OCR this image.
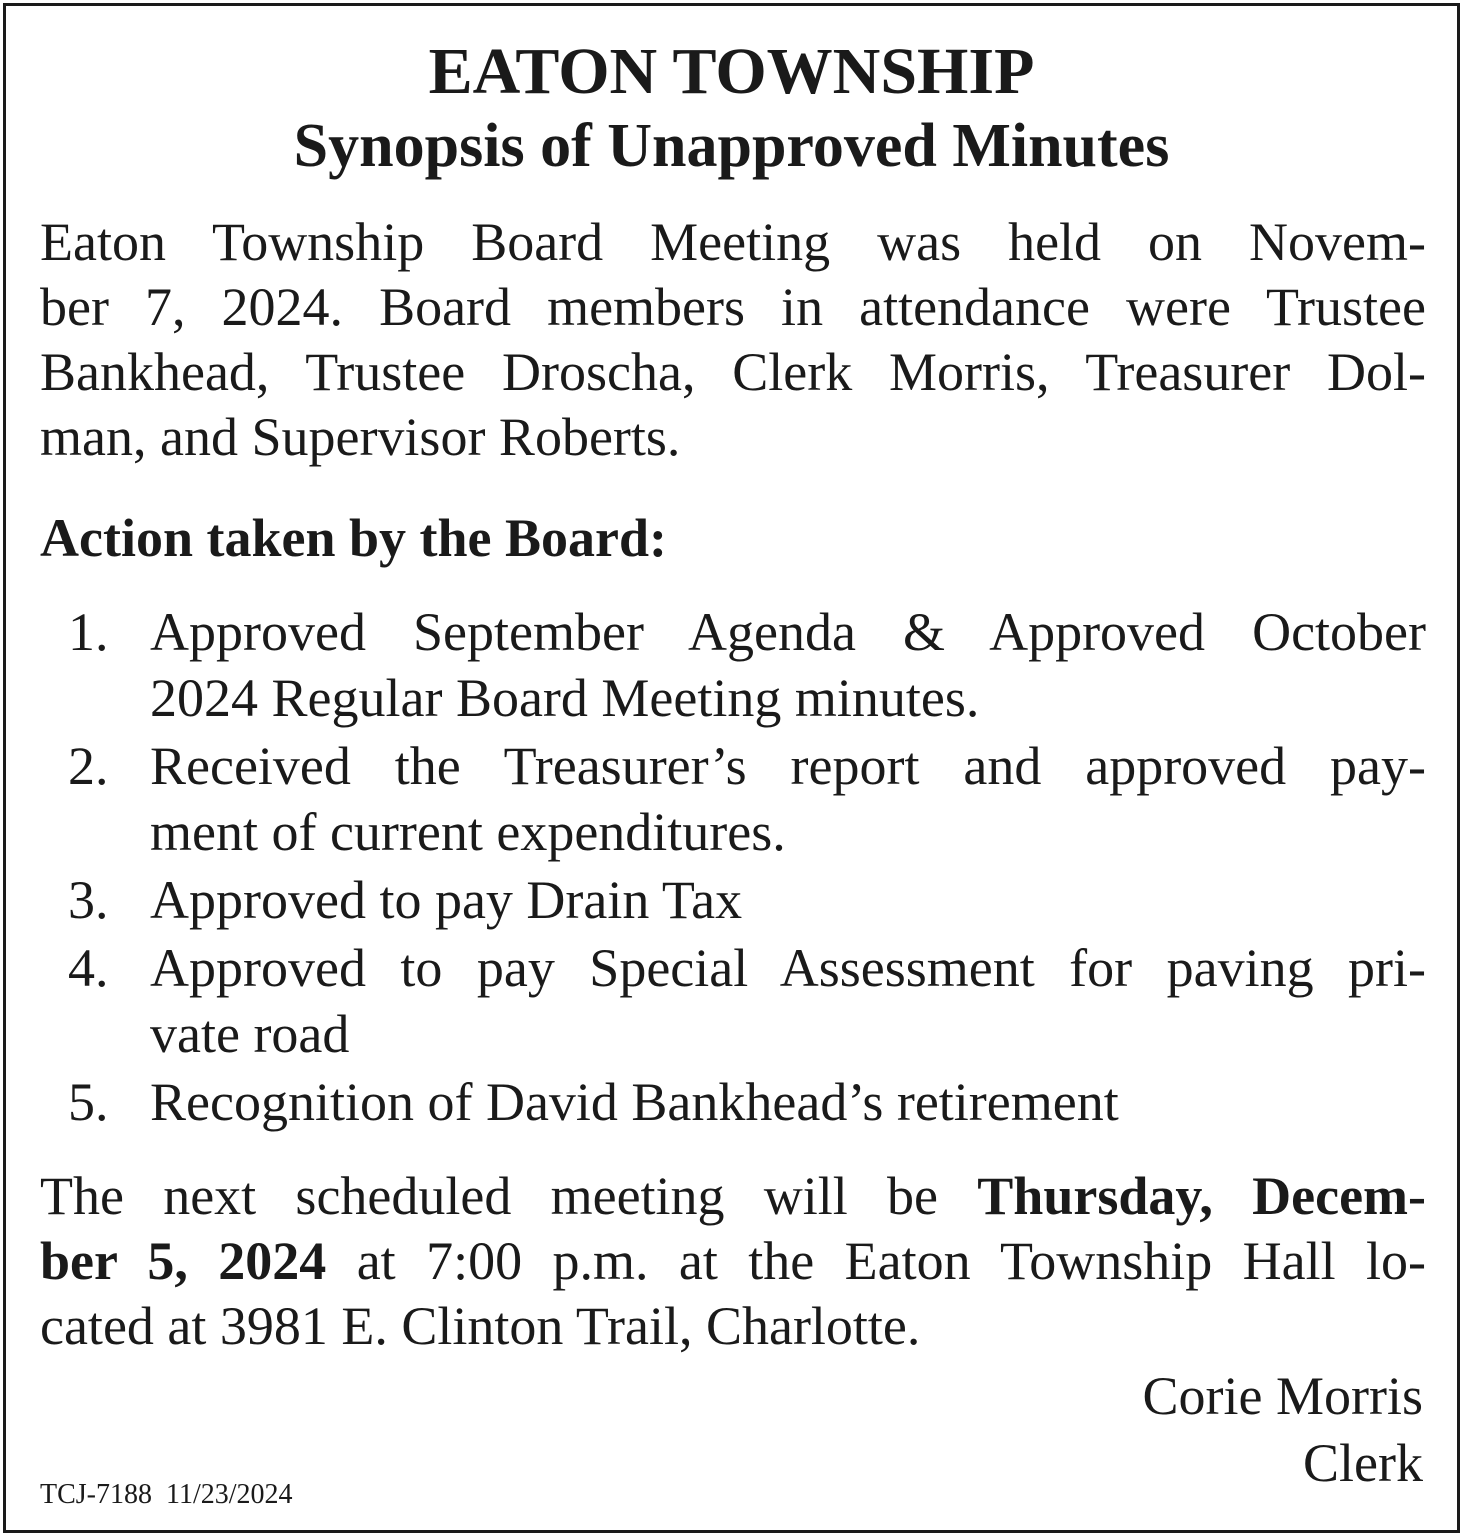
EATON TOWNSHIP
Synopsis of Unapproved Minutes
Eaton Township Board Meeting was held on Novem-
ber 7, 2024. Board members in attendance were Trustee
Bankhead, Trustee Droscha, Clerk Morris, Treasurer Dol-
man, and Supervisor Roberts.
Action taken by the Board:
1. Approved September Agenda & Approved October
2024 Regular Board Meeting minutes.
2. Received the Treasurer’s report and approved pay-
ment of current expenditures.
3. Approved to pay Drain Tax
4. Approved to pay Special Assessment for paving pri-
vate road
5. Recognition of David Bankhead’s retirement
The next scheduled meeting will be Thursday, Decem-
ber 5, 2024 at 7:00 p.m. at the Eaton Township Hall lo-
cated at 3981 E. Clinton Trail, Charlotte.
Corie Morris
Clerk
TCJ-7188  11/23/2024
